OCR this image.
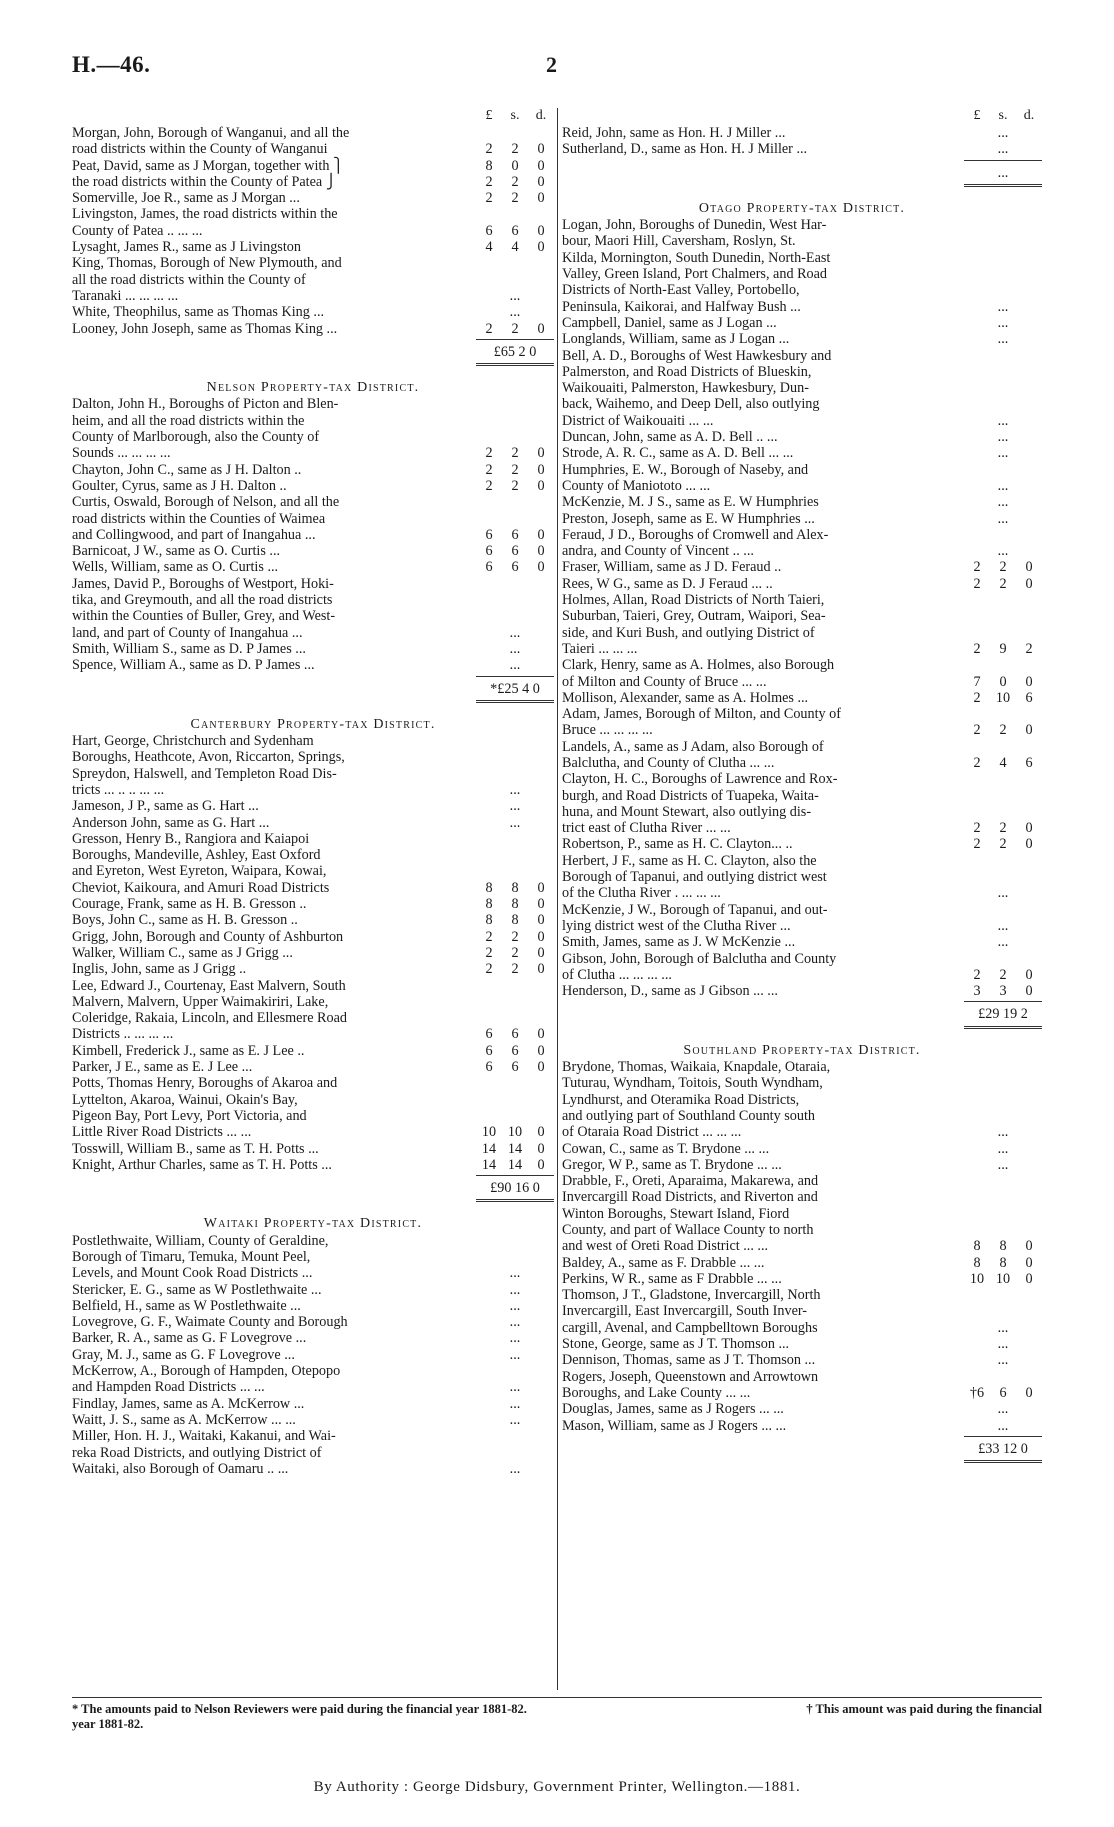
H.—46.	2
£	s.	d.
Morgan, John, Borough of Wanganui, and all the
road districts within the County of Wanganui	2	2	0
Peat, David, same as J Morgan, together with ⎫	8	0	0
the road districts within the County of Patea ⎭	2	2	0
Somerville, Joe R., same as J Morgan ...	2	2	0
Livingston, James, the road districts within the
County of Patea .. ... ...	6	6	0
Lysaght, James R., same as J Livingston	4	4	0
King, Thomas, Borough of New Plymouth, and
all the road districts within the County of
Taranaki ... ... ... ...	...
White, Theophilus, same as Thomas King ...	...
Looney, John Joseph, same as Thomas King ...	2	2	0
£65 2 0
Nelson Property-tax District.
Dalton, John H., Boroughs of Picton and Blen-
heim, and all the road districts within the
County of Marlborough, also the County of
Sounds ... ... ... ...	2	2	0
Chayton, John C., same as J H. Dalton ..	2	2	0
Goulter, Cyrus, same as J H. Dalton ..	2	2	0
Curtis, Oswald, Borough of Nelson, and all the
road districts within the Counties of Waimea
and Collingwood, and part of Inangahua ...	6	6	0
Barnicoat, J W., same as O. Curtis ...	6	6	0
Wells, William, same as O. Curtis ...	6	6	0
James, David P., Boroughs of Westport, Hoki-
tika, and Greymouth, and all the road districts
within the Counties of Buller, Grey, and West-
land, and part of County of Inangahua ...	...
Smith, William S., same as D. P James ...	...
Spence, William A., same as D. P James ...	...
*£25 4 0
Canterbury Property-tax District.
Hart, George, Christchurch and Sydenham
Boroughs, Heathcote, Avon, Riccarton, Springs,
Spreydon, Halswell, and Templeton Road Dis-
tricts ... .. .. ... ...	...
Jameson, J P., same as G. Hart ...	...
Anderson John, same as G. Hart ...	...
Gresson, Henry B., Rangiora and Kaiapoi
Boroughs, Mandeville, Ashley, East Oxford
and Eyreton, West Eyreton, Waipara, Kowai,
Cheviot, Kaikoura, and Amuri Road Districts	8	8	0
Courage, Frank, same as H. B. Gresson ..	8	8	0
Boys, John C., same as H. B. Gresson ..	8	8	0
Grigg, John, Borough and County of Ashburton	2	2	0
Walker, William C., same as J Grigg ...	2	2	0
Inglis, John, same as J Grigg ..	2	2	0
Lee, Edward J., Courtenay, East Malvern, South
Malvern, Malvern, Upper Waimakiriri, Lake,
Coleridge, Rakaia, Lincoln, and Ellesmere Road
Districts .. ... ... ...	6	6	0
Kimbell, Frederick J., same as E. J Lee ..	6	6	0
Parker, J E., same as E. J Lee ...	6	6	0
Potts, Thomas Henry, Boroughs of Akaroa and
Lyttelton, Akaroa, Wainui, Okain's Bay,
Pigeon Bay, Port Levy, Port Victoria, and
Little River Road Districts ... ...	10 10	0
Tosswill, William B., same as T. H. Potts ...	14 14	0
Knight, Arthur Charles, same as T. H. Potts ...	14 14	0
£90 16 0
Waitaki Property-tax District.
Postlethwaite, William, County of Geraldine,
Borough of Timaru, Temuka, Mount Peel,
Levels, and Mount Cook Road Districts ...	...
Stericker, E. G., same as W Postlethwaite ...	...
Belfield, H., same as W Postlethwaite ...	...
Lovegrove, G. F., Waimate County and Borough	...
Barker, R. A., same as G. F Lovegrove ...	...
Gray, M. J., same as G. F Lovegrove ...	...
McKerrow, A., Borough of Hampden, Otepopo
and Hampden Road Districts ... ...	...
Findlay, James, same as A. McKerrow ...	...
Waitt, J. S., same as A. McKerrow ... ...	...
Miller, Hon. H. J., Waitaki, Kakanui, and Wai-
reka Road Districts, and outlying District of
Waitaki, also Borough of Oamaru .. ...	...
£	s.	d.
Reid, John, same as Hon. H. J Miller ...	...
Sutherland, D., same as Hon. H. J Miller ...	...
...
Otago Property-tax District.
Logan, John, Boroughs of Dunedin, West Har-
bour, Maori Hill, Caversham, Roslyn, St.
Kilda, Mornington, South Dunedin, North-East
Valley, Green Island, Port Chalmers, and Road
Districts of North-East Valley, Portobello,
Peninsula, Kaikorai, and Halfway Bush ...	...
Campbell, Daniel, same as J Logan ...	...
Longlands, William, same as J Logan ...	...
Bell, A. D., Boroughs of West Hawkesbury and
Palmerston, and Road Districts of Blueskin,
Waikouaiti, Palmerston, Hawkesbury, Dun-
back, Waihemo, and Deep Dell, also outlying
District of Waikouaiti ... ...	...
Duncan, John, same as A. D. Bell .. ...	...
Strode, A. R. C., same as A. D. Bell ... ...	...
Humphries, E. W., Borough of Naseby, and
County of Maniototo ... ...	...
McKenzie, M. J S., same as E. W Humphries	...
Preston, Joseph, same as E. W Humphries ...	...
Feraud, J D., Boroughs of Cromwell and Alex-
andra, and County of Vincent .. ...	...
Fraser, William, same as J D. Feraud ..	2	2	0
Rees, W G., same as D. J Feraud ... ..	2	2	0
Holmes, Allan, Road Districts of North Taieri,
Suburban, Taieri, Grey, Outram, Waipori, Sea-
side, and Kuri Bush, and outlying District of
Taieri ... ... ...	2	9	2
Clark, Henry, same as A. Holmes, also Borough
of Milton and County of Bruce ... ...	7	0	0
Mollison, Alexander, same as A. Holmes ...	2	10	6
Adam, James, Borough of Milton, and County of
Bruce ... ... ... ...	2	2	0
Landels, A., same as J Adam, also Borough of
Balclutha, and County of Clutha ... ...	2	4	6
Clayton, H. C., Boroughs of Lawrence and Rox-
burgh, and Road Districts of Tuapeka, Waita-
huna, and Mount Stewart, also outlying dis-
trict east of Clutha River ... ...	2	2	0
Robertson, P., same as H. C. Clayton... ..	2	2	0
Herbert, J F., same as H. C. Clayton, also the
Borough of Tapanui, and outlying district west
of the Clutha River . ... ... ...	...
McKenzie, J W., Borough of Tapanui, and out-
lying district west of the Clutha River ...	...
Smith, James, same as J. W McKenzie ...	...
Gibson, John, Borough of Balclutha and County
of Clutha ... ... ... ...	2	2	0
Henderson, D., same as J Gibson ... ...	3	3	0
£29 19 2
Southland Property-tax District.
Brydone, Thomas, Waikaia, Knapdale, Otaraia,
Tuturau, Wyndham, Toitois, South Wyndham,
Lyndhurst, and Oteramika Road Districts,
and outlying part of Southland County south
of Otaraia Road District ... ... ...	...
Cowan, C., same as T. Brydone ... ...	...
Gregor, W P., same as T. Brydone ... ...	...
Drabble, F., Oreti, Aparaima, Makarewa, and
Invercargill Road Districts, and Riverton and
Winton Boroughs, Stewart Island, Fiord
County, and part of Wallace County to north
and west of Oreti Road District ... ...	8	8	0
Baldey, A., same as F. Drabble ... ...	8	8	0
Perkins, W R., same as F Drabble ... ...	10 10	0
Thomson, J T., Gladstone, Invercargill, North
Invercargill, East Invercargill, South Inver-
cargill, Avenal, and Campbelltown Boroughs	...
Stone, George, same as J T. Thomson ...	...
Dennison, Thomas, same as J T. Thomson ...	...
Rogers, Joseph, Queenstown and Arrowtown
Boroughs, and Lake County ... ...	†6	6	0
Douglas, James, same as J Rogers ... ...	...
Mason, William, same as J Rogers ... ...	...
£33 12 0
* The amounts paid to Nelson Reviewers were paid during the financial year 1881-82.
year 1881-82.
† This amount was paid during the financial
By Authority : George Didsbury, Government Printer, Wellington.—1881.
